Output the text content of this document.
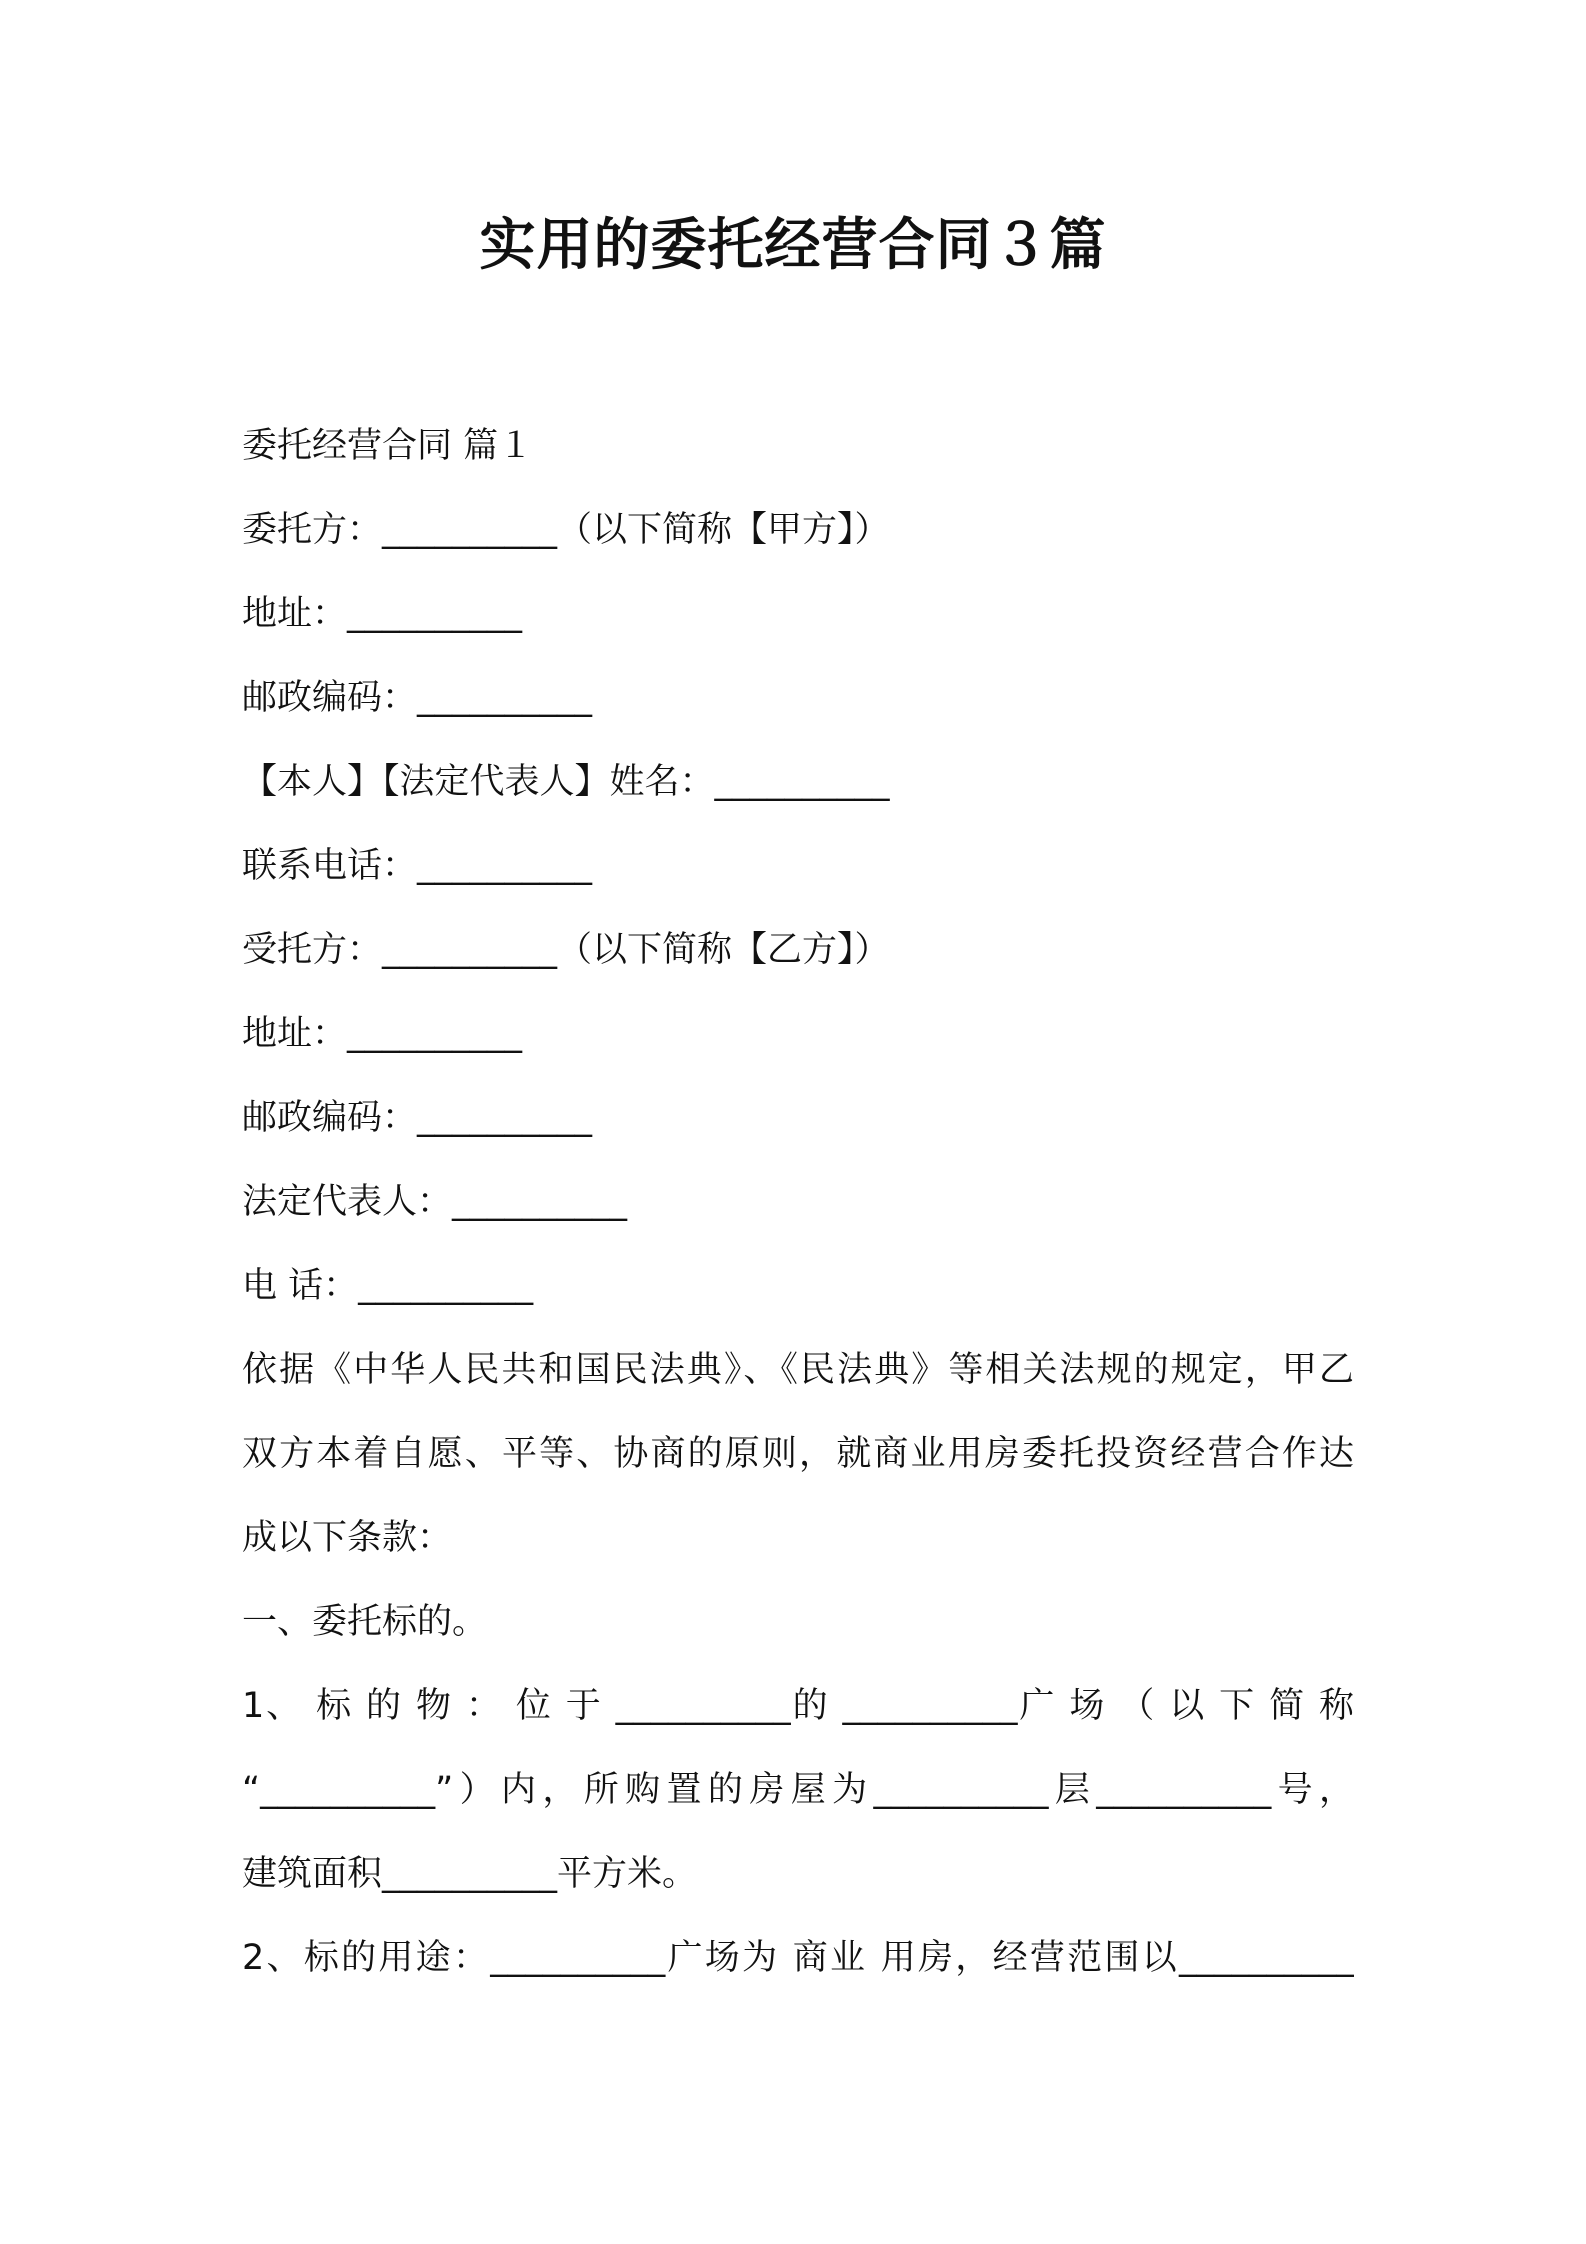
实用的委托经营合同３篇

委托经营合同 篇１

委托方：__________（以下简称【甲方】）

地址：__________

邮政编码：__________

【本人】【法定代表人】姓名：__________

联系电话：__________

受托方：__________（以下简称【乙方】）

地址：__________

邮政编码：__________

法定代表人：__________

电 话：__________

依据《中华人民共和国民法典》、《民法典》等相关法规的规定，甲乙

双方本着自愿、平等、协商的原则，就商业用房委托投资经营合作达

成以下条款：

一、委托标的。

1、 标 的 物 ： 位 于 __________的 __________广 场 （ 以 下 简 称

“__________”）内，所购置的房屋为__________层__________号，

建筑面积__________平方米。

2、标的用途：__________广场为 商业 用房，经营范围以__________
